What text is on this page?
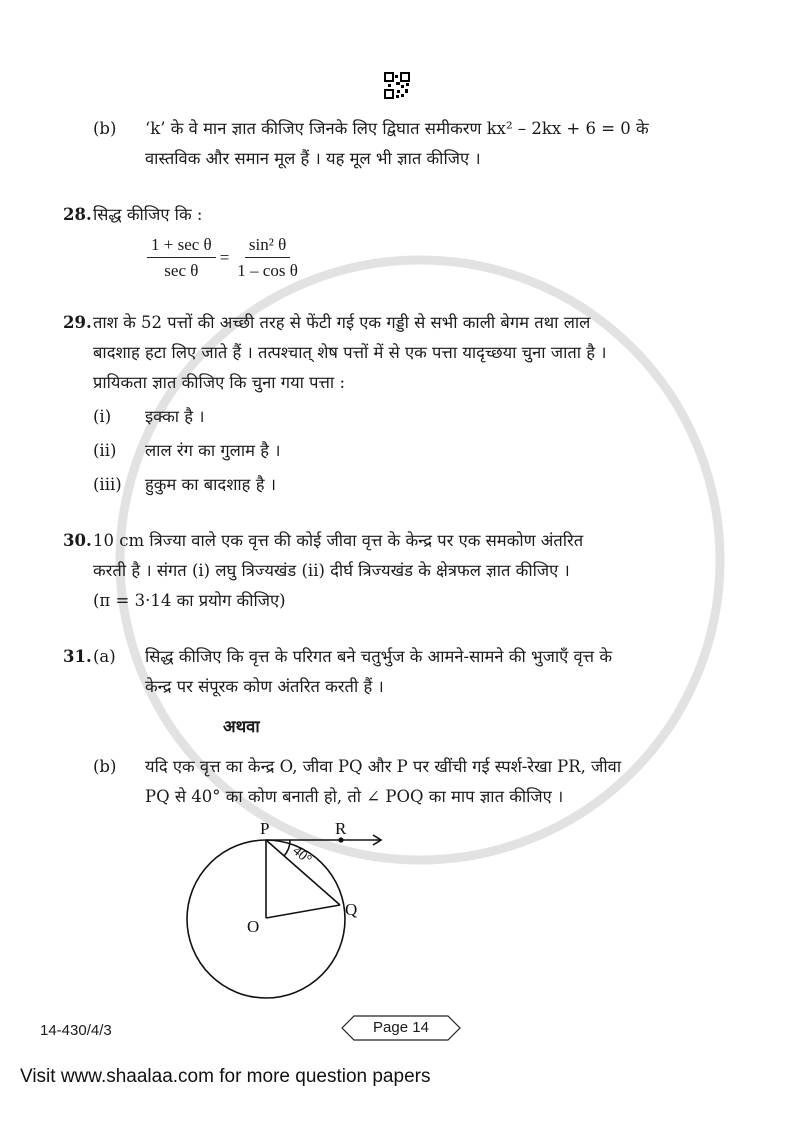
(b)	‘k’ के वे मान ज्ञात कीजिए जिनके लिए द्विघात समीकरण kx² – 2kx + 6 = 0 के
वास्तविक और समान मूल हैं । यह मूल भी ज्ञात कीजिए ।
28. सिद्ध कीजिए कि :
1 + sec θ
sec θ
= $\frac{\text{sin² θ}}{\text{1 – cos θ}}$
29. ताश के 52 पत्तों की अच्छी तरह से फेंटी गई एक गड्डी से सभी काली बेगम तथा लाल
बादशाह हटा लिए जाते हैं । तत्पश्चात् शेष पत्तों में से एक पत्ता यादृच्छया चुना जाता है ।
प्रायिकता ज्ञात कीजिए कि चुना गया पत्ता :
(i)	इक्का है ।
(ii)	लाल रंग का गुलाम है ।
(iii)	हुकुम का बादशाह है ।
30. 10 cm त्रिज्या वाले एक वृत्त की कोई जीवा वृत्त के केन्द्र पर एक समकोण अंतरित
करती है । संगत (i) लघु त्रिज्यखंड (ii) दीर्घ त्रिज्यखंड के क्षेत्रफल ज्ञात कीजिए ।
(π = 3·14 का प्रयोग कीजिए)
31. (a)	सिद्ध कीजिए कि वृत्त के परिगत बने चतुर्भुज के आमने-सामने की भुजाएँ वृत्त के
केन्द्र पर संपूरक कोण अंतरित करती हैं ।
अथवा
(b)	यदि एक वृत्त का केन्द्र O, जीवा PQ और P पर खींची गई स्पर्श-रेखा PR, जीवा
PQ से 40° का कोण बनाती हो, तो ∠ POQ का माप ज्ञात कीजिए ।
P	R
Q
O
40°
14-430/4/3	Page 14
Visit www.shaalaa.com for more question papers
